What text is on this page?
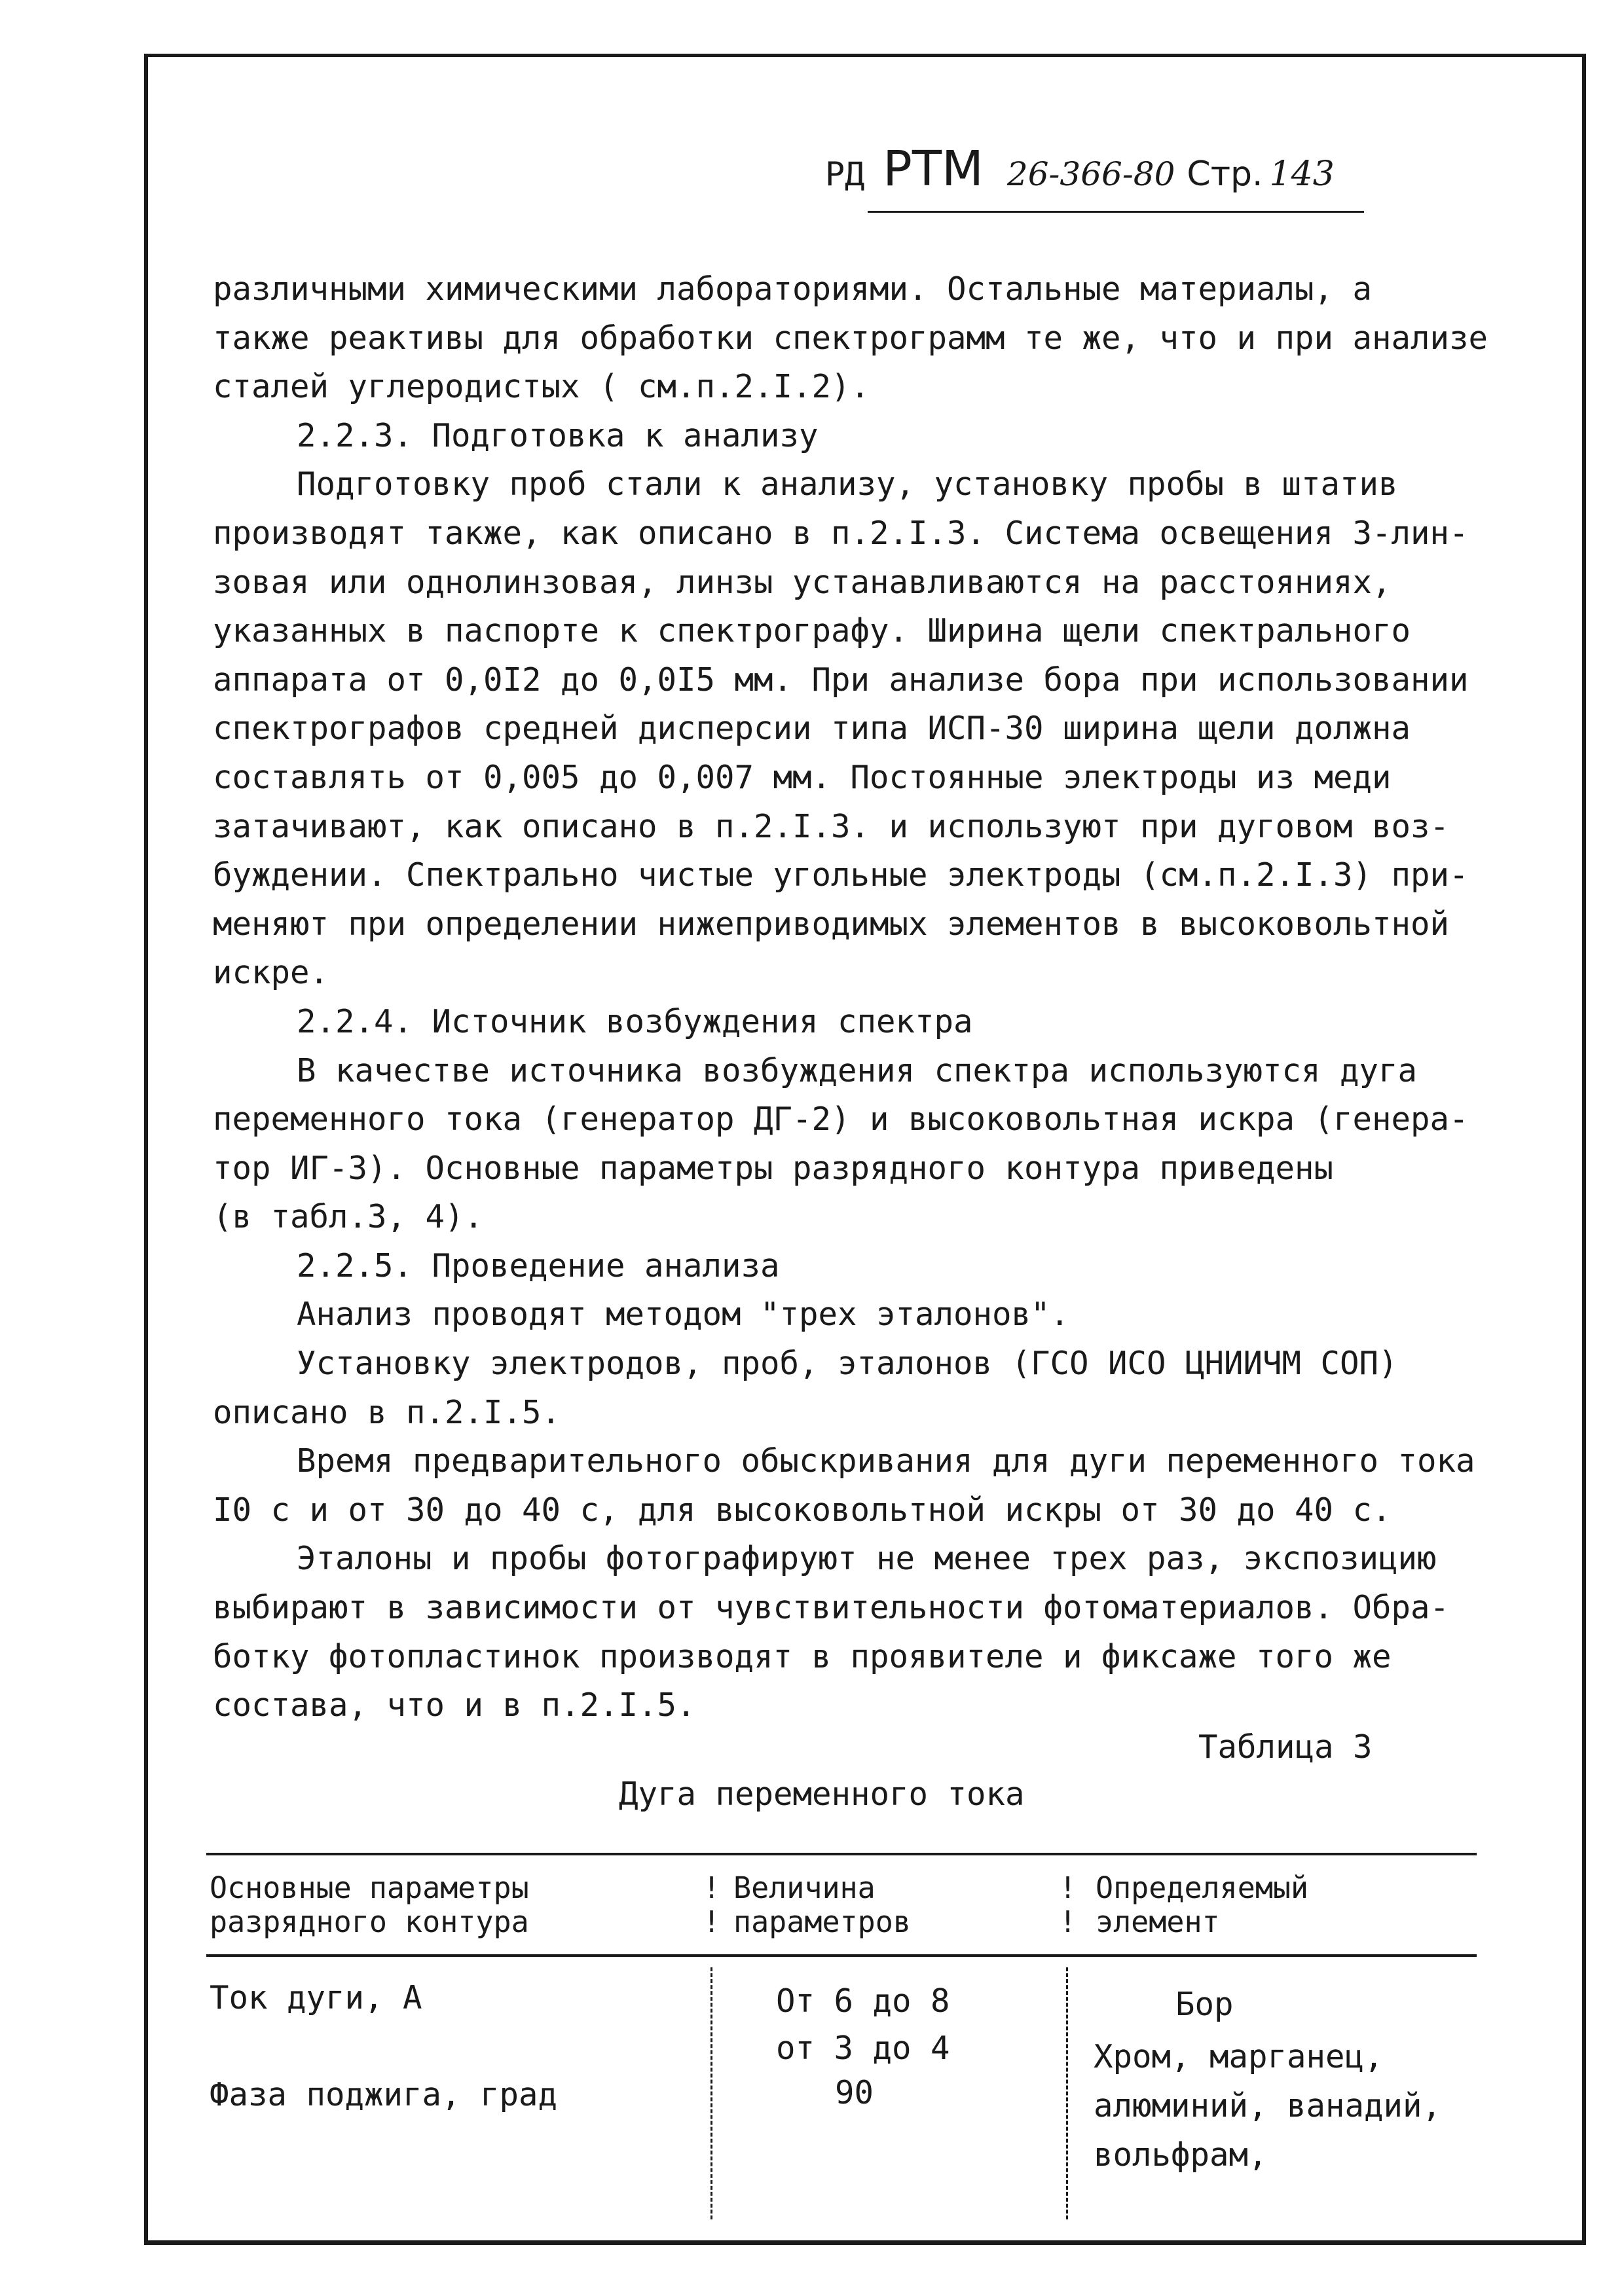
РД РТМ 26-366-80 Стр. 143
различными химическими лабораториями. Остальные материалы, а
также реактивы для обработки спектрограмм те же, что и при анализе
сталей углеродистых ( см.п.2.I.2).
2.2.3. Подготовка к анализу
Подготовку проб стали к анализу, установку пробы в штатив
производят также, как описано в п.2.I.3. Система освещения 3-лин-
зовая или однолинзовая, линзы устанавливаются на расстояниях,
указанных в паспорте к спектрографу. Ширина щели спектрального
аппарата от 0,0I2 до 0,0I5 мм. При анализе бора при использовании
спектрографов средней дисперсии типа ИСП-30 ширина щели должна
составлять от 0,005 до 0,007 мм. Постоянные электроды из меди
затачивают, как описано в п.2.I.3. и используют при дуговом воз-
буждении. Спектрально чистые угольные электроды (см.п.2.I.3) при-
меняют при определении нижеприводимых элементов в высоковольтной
искре.
2.2.4. Источник возбуждения спектра
В качестве источника возбуждения спектра используются дуга
переменного тока (генератор ДГ-2) и высоковольтная искра (генера-
тор ИГ-3). Основные параметры разрядного контура приведены
(в табл.3, 4).
2.2.5. Проведение анализа
Анализ проводят методом "трех эталонов".
Установку электродов, проб, эталонов (ГСО ИСО ЦНИИЧМ СОП)
описано в п.2.I.5.
Время предварительного обыскривания для дуги переменного тока
I0 с и от 30 до 40 с, для высоковольтной искры от 30 до 40 с.
Эталоны и пробы фотографируют не менее трех раз, экспозицию
выбирают в зависимости от чувствительности фотоматериалов. Обра-
ботку фотопластинок производят в проявителе и фиксаже того же
состава, что и в п.2.I.5.
Таблица 3
Дуга переменного тока
Основные параметры
разрядного контура
!
!
Величина
параметров
!
!
Определяемый
элемент
Ток дуги, А
Фаза поджига, град
От 6 до 8
от 3 до 4
90
Бор
Хром, марганец,
алюминий, ванадий,
вольфрам,
